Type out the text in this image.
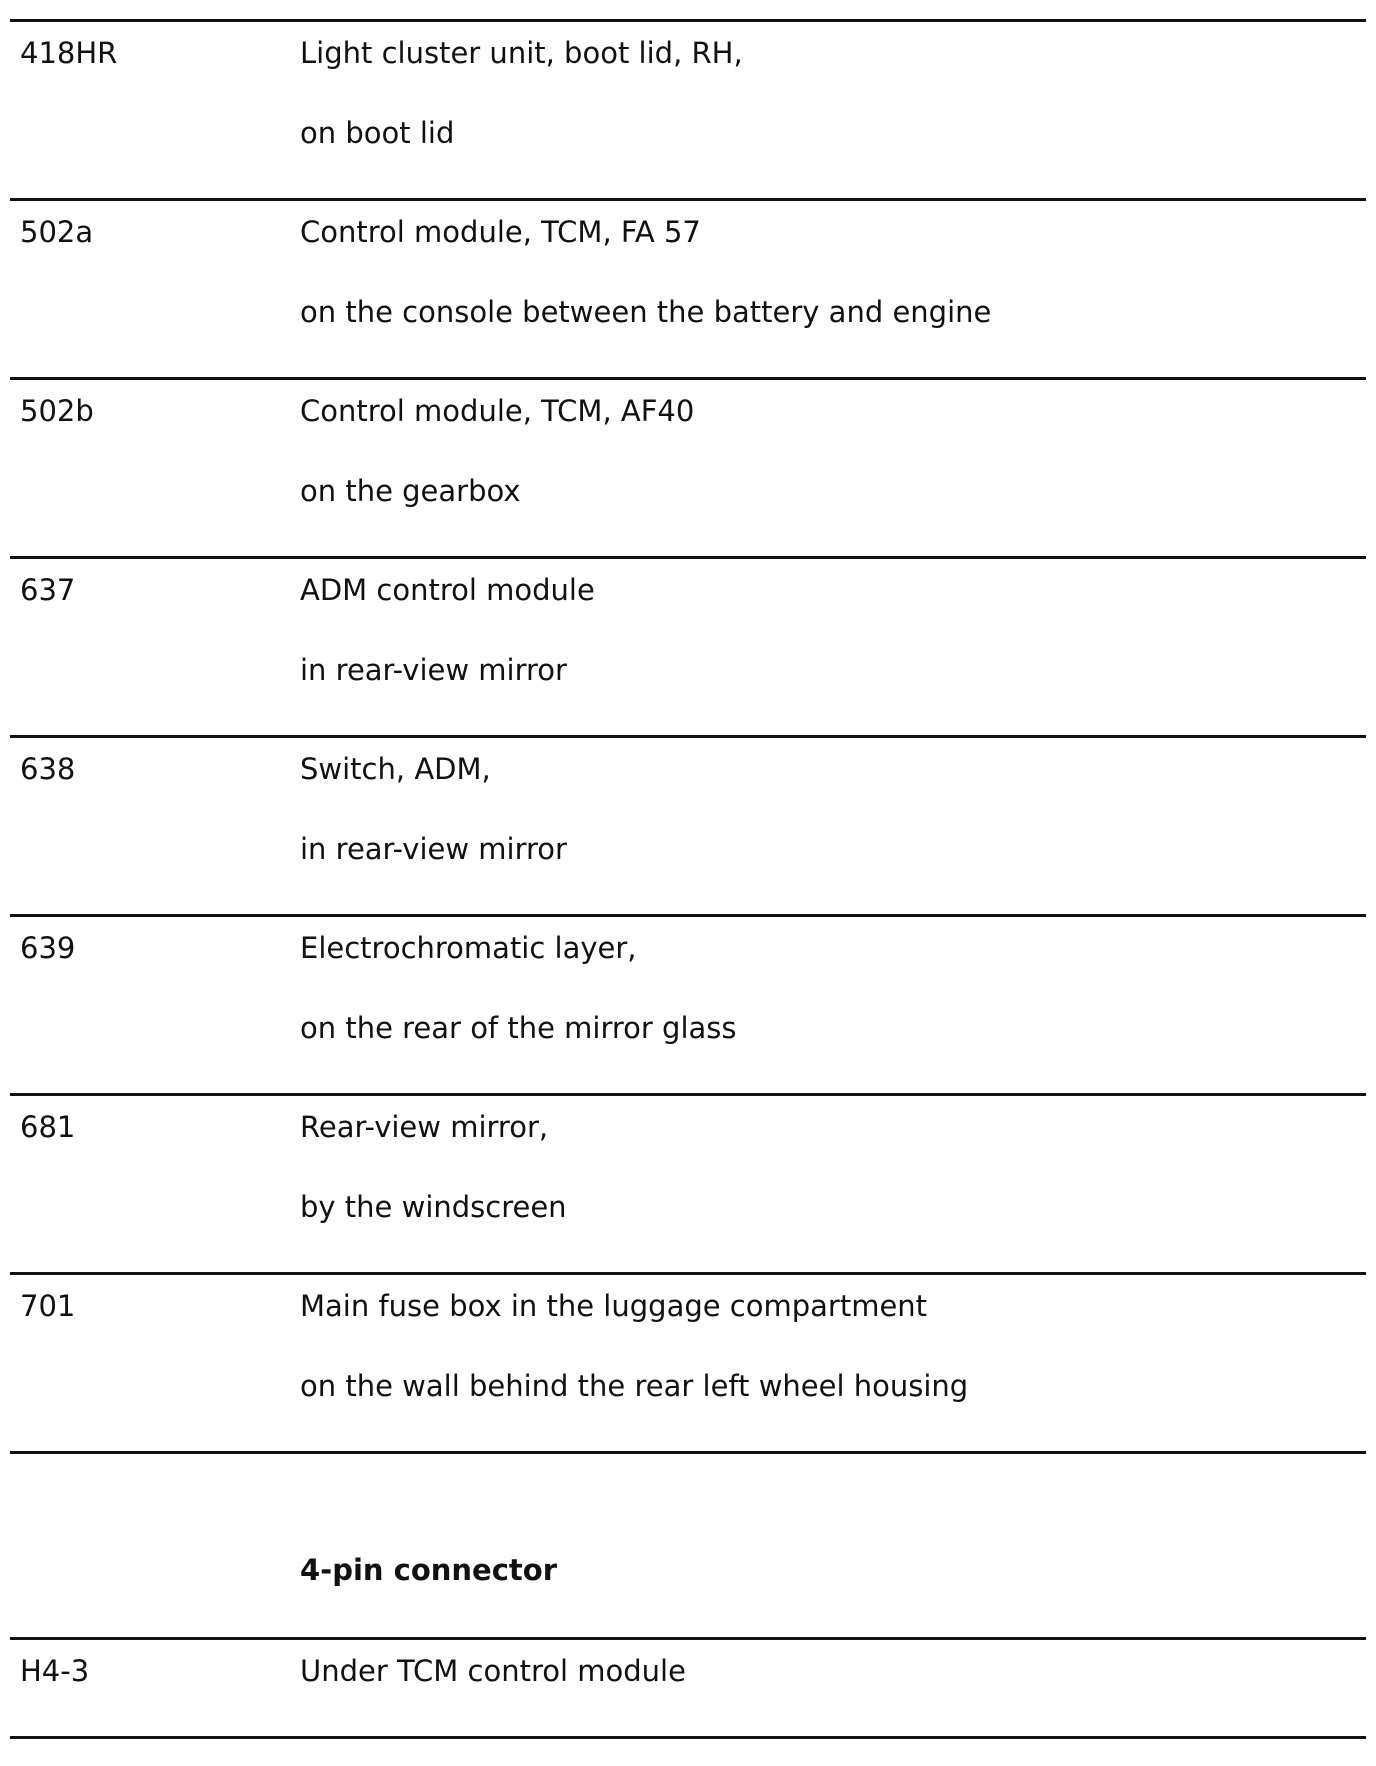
418HR	Light cluster unit, boot lid, RH,
on boot lid
502a	Control module, TCM, FA 57
on the console between the battery and engine
502b	Control module, TCM, AF40
on the gearbox
637	ADM control module
in rear-view mirror
638	Switch, ADM,
in rear-view mirror
639	Electrochromatic layer,
on the rear of the mirror glass
681	Rear-view mirror,
by the windscreen
701	Main fuse box in the luggage compartment
on the wall behind the rear left wheel housing
4-pin connector
H4-3	Under TCM control module
